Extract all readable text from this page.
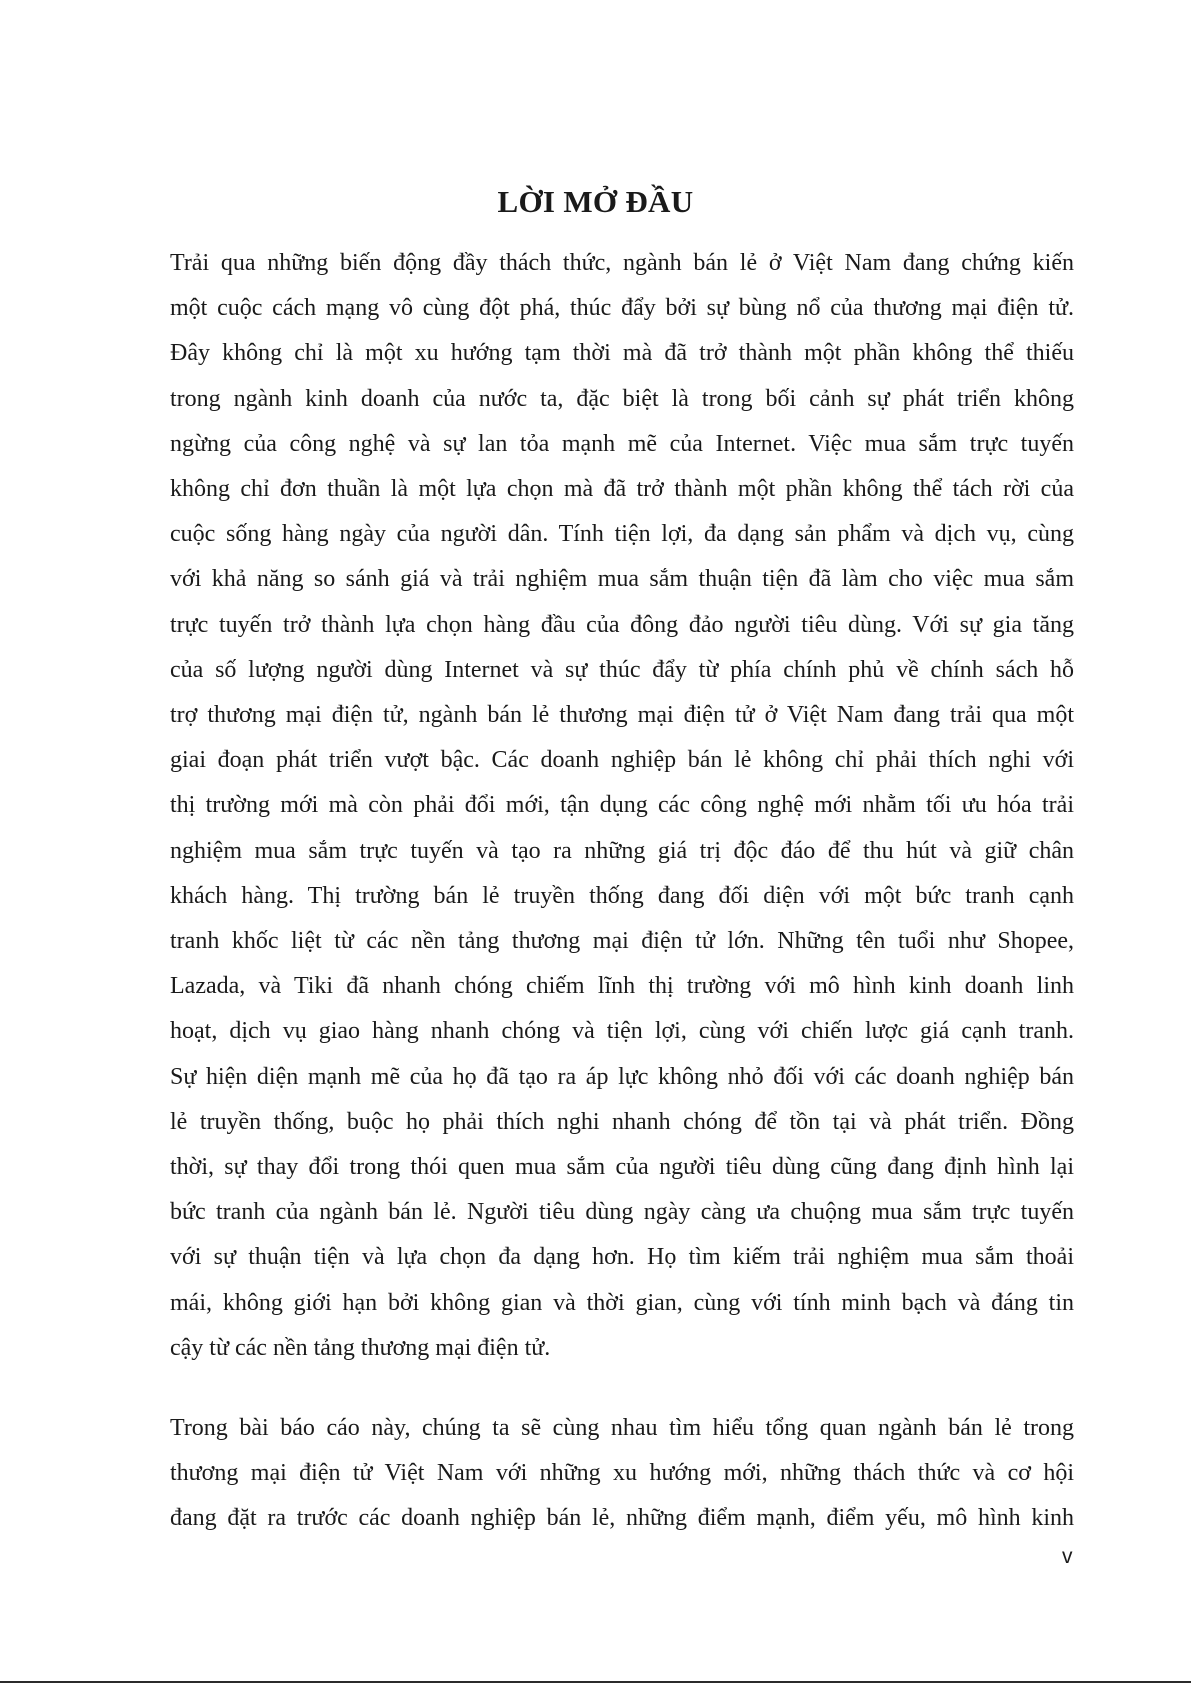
LỜI MỞ ĐẦU
Trải qua những biến động đầy thách thức, ngành bán lẻ ở Việt Nam đang chứng kiến
một cuộc cách mạng vô cùng đột phá, thúc đẩy bởi sự bùng nổ của thương mại điện tử.
Đây không chỉ là một xu hướng tạm thời mà đã trở thành một phần không thể thiếu
trong ngành kinh doanh của nước ta, đặc biệt là trong bối cảnh sự phát triển không
ngừng của công nghệ và sự lan tỏa mạnh mẽ của Internet. Việc mua sắm trực tuyến
không chỉ đơn thuần là một lựa chọn mà đã trở thành một phần không thể tách rời của
cuộc sống hàng ngày của người dân. Tính tiện lợi, đa dạng sản phẩm và dịch vụ, cùng
với khả năng so sánh giá và trải nghiệm mua sắm thuận tiện đã làm cho việc mua sắm
trực tuyến trở thành lựa chọn hàng đầu của đông đảo người tiêu dùng. Với sự gia tăng
của số lượng người dùng Internet và sự thúc đẩy từ phía chính phủ về chính sách hỗ
trợ thương mại điện tử, ngành bán lẻ thương mại điện tử ở Việt Nam đang trải qua một
giai đoạn phát triển vượt bậc. Các doanh nghiệp bán lẻ không chỉ phải thích nghi với
thị trường mới mà còn phải đổi mới, tận dụng các công nghệ mới nhằm tối ưu hóa trải
nghiệm mua sắm trực tuyến và tạo ra những giá trị độc đáo để thu hút và giữ chân
khách hàng. Thị trường bán lẻ truyền thống đang đối diện với một bức tranh cạnh
tranh khốc liệt từ các nền tảng thương mại điện tử lớn. Những tên tuổi như Shopee,
Lazada, và Tiki đã nhanh chóng chiếm lĩnh thị trường với mô hình kinh doanh linh
hoạt, dịch vụ giao hàng nhanh chóng và tiện lợi, cùng với chiến lược giá cạnh tranh.
Sự hiện diện mạnh mẽ của họ đã tạo ra áp lực không nhỏ đối với các doanh nghiệp bán
lẻ truyền thống, buộc họ phải thích nghi nhanh chóng để tồn tại và phát triển. Đồng
thời, sự thay đổi trong thói quen mua sắm của người tiêu dùng cũng đang định hình lại
bức tranh của ngành bán lẻ. Người tiêu dùng ngày càng ưa chuộng mua sắm trực tuyến
với sự thuận tiện và lựa chọn đa dạng hơn. Họ tìm kiếm trải nghiệm mua sắm thoải
mái, không giới hạn bởi không gian và thời gian, cùng với tính minh bạch và đáng tin
cậy từ các nền tảng thương mại điện tử.
Trong bài báo cáo này, chúng ta sẽ cùng nhau tìm hiểu tổng quan ngành bán lẻ trong
thương mại điện tử Việt Nam với những xu hướng mới, những thách thức và cơ hội
đang đặt ra trước các doanh nghiệp bán lẻ, những điểm mạnh, điểm yếu, mô hình kinh
v
